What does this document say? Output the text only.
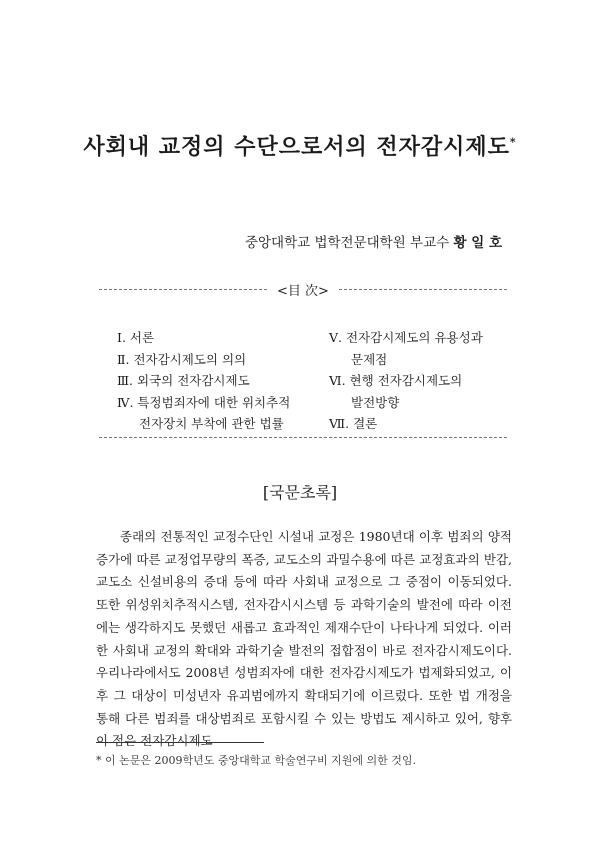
사회내 교정의 수단으로서의 전자감시제도*
중앙대학교 법학전문대학원 부교수 황 일 호
<目 次>
Ⅰ. 서론
Ⅱ. 전자감시제도의 의의
Ⅲ. 외국의 전자감시제도
Ⅳ. 특정범죄자에 대한 위치추적
전자장치 부착에 관한 법률
Ⅴ. 전자감시제도의 유용성과
문제점
Ⅵ. 현행 전자감시제도의
발전방향
Ⅶ. 결론
[국문초록]
종래의 전통적인 교정수단인 시설내 교정은 1980년대 이후 범죄의 양적증가에 따른 교정업무량의 폭증, 교도소의 과밀수용에 따른 교정효과의 반감, 교도소 신설비용의 증대 등에 따라 사회내 교정으로 그 중점이 이동되었다. 또한 위성위치추적시스템, 전자감시시스템 등 과학기술의 발전에 따라 이전에는 생각하지도 못했던 새롭고 효과적인 제재수단이 나타나게 되었다. 이러한 사회내 교정의 확대와 과학기술 발전의 접합점이 바로 전자감시제도이다. 우리나라에서도 2008년 성범죄자에 대한 전자감시제도가 법제화되었고, 이후 그 대상이 미성년자 유괴범에까지 확대되기에 이르렀다. 또한 법 개정을 통해 다른 범죄를 대상범죄로 포함시킬 수 있는 방법도 제시하고 있어, 향후 이 점은 전자감시제도
* 이 논문은 2009학년도 중앙대학교 학술연구비 지원에 의한 것임.
